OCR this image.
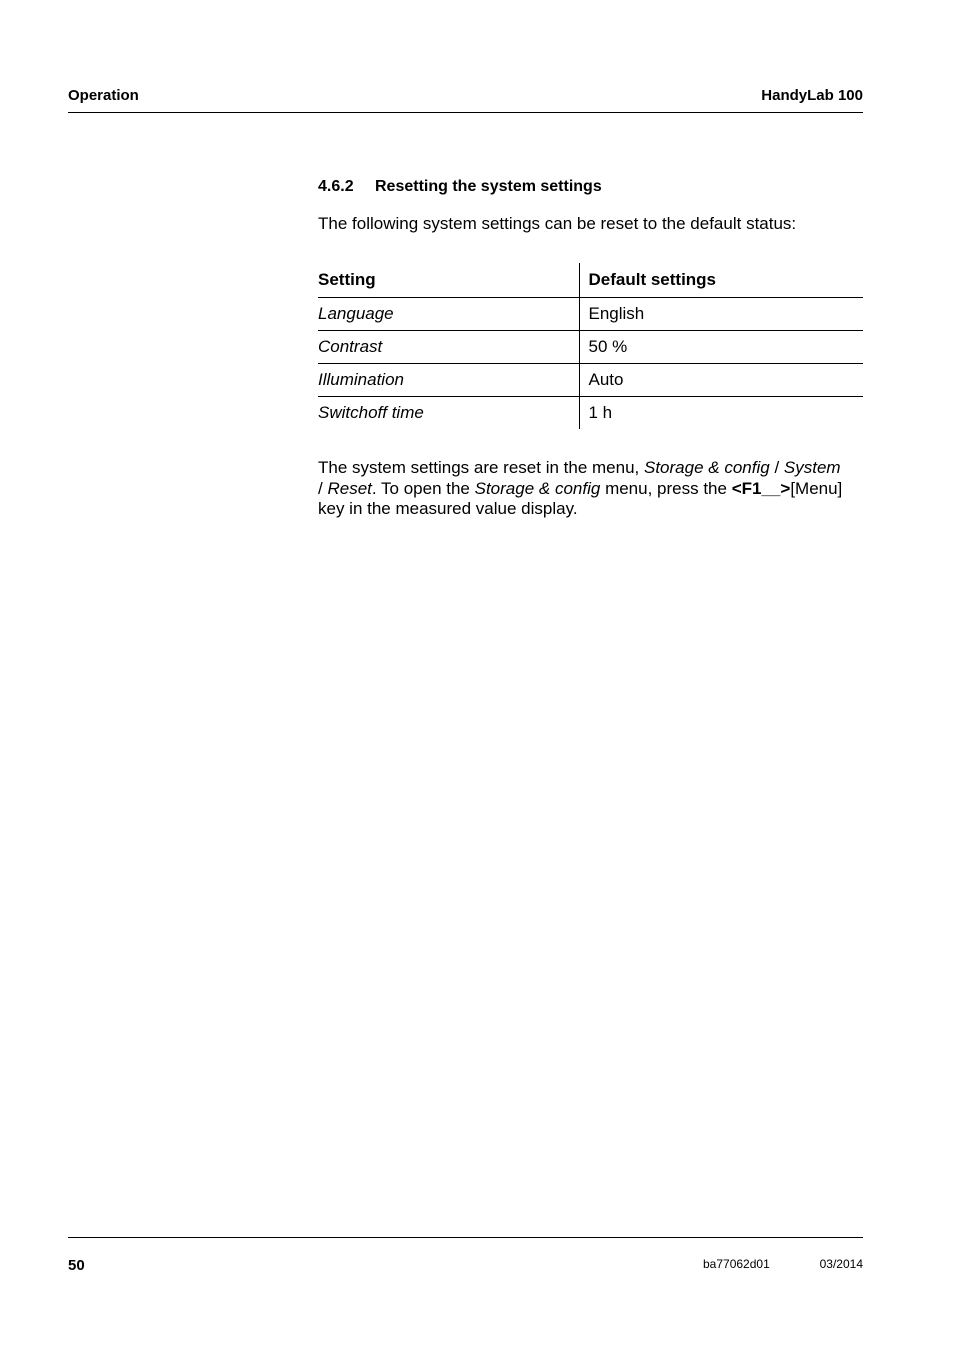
Operation	HandyLab 100
4.6.2 Resetting the system settings
The following system settings can be reset to the default status:
Setting	Default settings
Language	English
Contrast	50 %
Illumination	Auto
Switchoff time	1 h
The system settings are reset in the menu, Storage & config / System
/ Reset. To open the Storage & config menu, press the <F1__>[Menu]
key in the measured value display.
50	ba77062d01	03/2014
